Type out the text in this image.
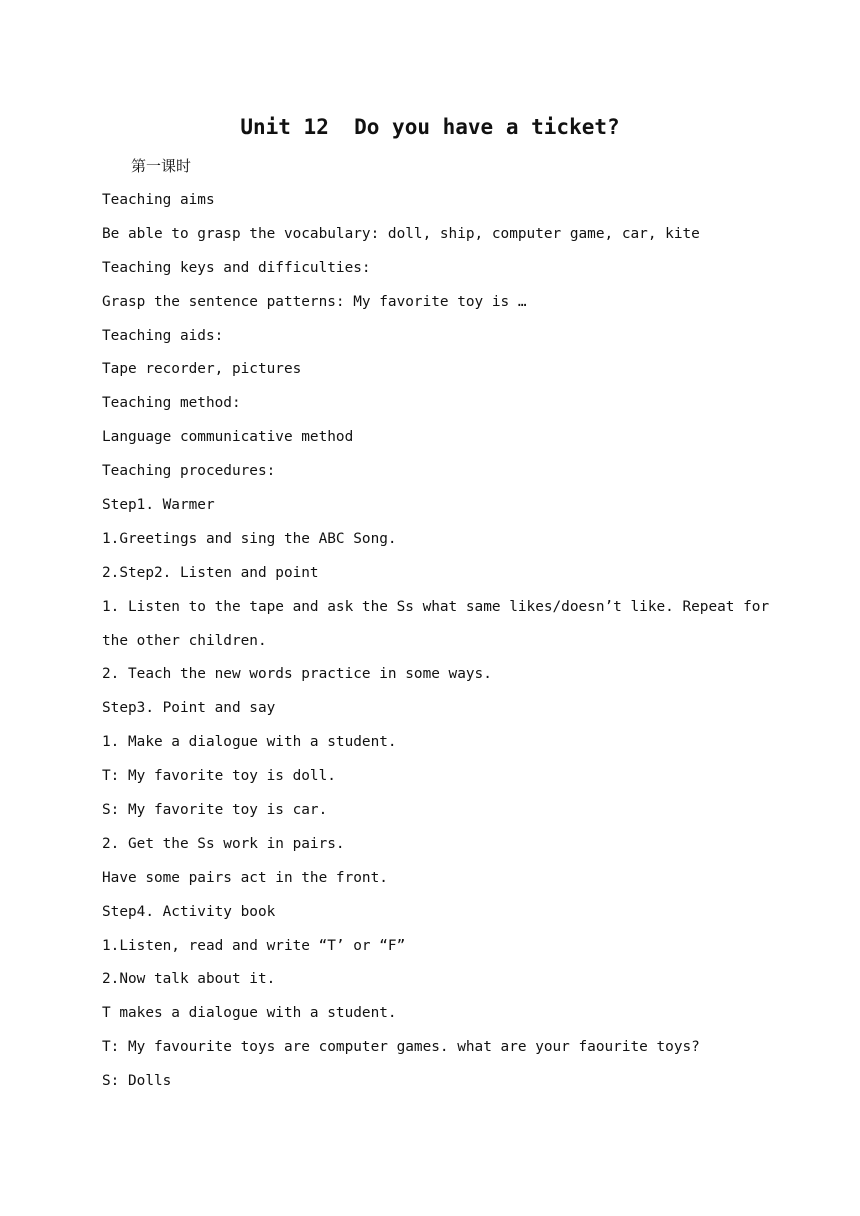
Unit 12  Do you have a ticket?
第一课时
Teaching aims
Be able to grasp the vocabulary: doll, ship, computer game, car, kite
Teaching keys and difficulties:
Grasp the sentence patterns: My favorite toy is …
Teaching aids:
Tape recorder, pictures
Teaching method:
Language communicative method
Teaching procedures:
Step1. Warmer
1.Greetings and sing the ABC Song.
2.Step2. Listen and point
1. Listen to the tape and ask the Ss what same likes/doesn’t like. Repeat for
the other children.
2. Teach the new words practice in some ways.
Step3. Point and say
1. Make a dialogue with a student.
T: My favorite toy is doll.
S: My favorite toy is car.
2. Get the Ss work in pairs.
Have some pairs act in the front.
Step4. Activity book
1.Listen, read and write “T’ or “F”
2.Now talk about it.
T makes a dialogue with a student.
T: My favourite toys are computer games. what are your faourite toys?
S: Dolls
